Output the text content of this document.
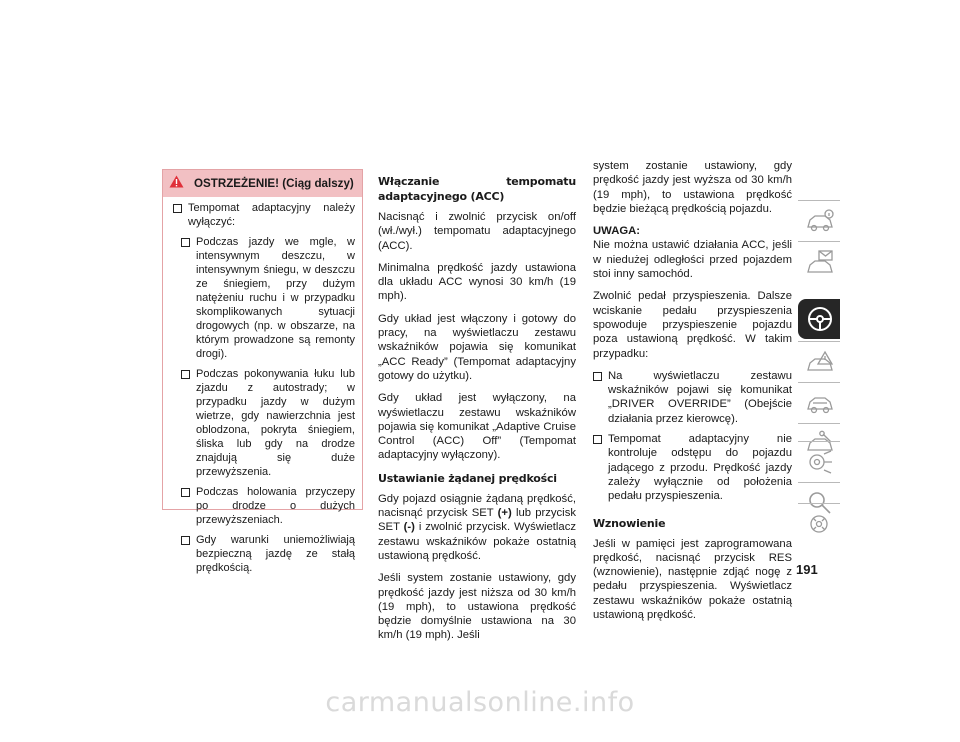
OSTRZEŻENIE! (Ciąg dalszy)
Tempomat adaptacyjny należy wyłączyć:
Podczas jazdy we mgle, w intensywnym deszczu, w intensywnym śniegu, w deszczu ze śniegiem, przy dużym natężeniu ruchu i w przypadku skomplikowanych sytuacji drogowych (np. w obszarze, na którym prowadzone są remonty drogi).
Podczas pokonywania łuku lub zjazdu z autostrady; w przypadku jazdy w dużym wietrze, gdy nawierzchnia jest oblodzona, pokryta śniegiem, śliska lub gdy na drodze znajdują się duże przewyższenia.
Podczas holowania przyczepy po drodze o dużych przewyższeniach.
Gdy warunki uniemożliwiają bezpieczną jazdę ze stałą prędkością.
Włączanie tempomatu adaptacyjnego (ACC)

Nacisnąć i zwolnić przycisk on/off (wł./wył.) tempomatu adaptacyjnego (ACC).

Minimalna prędkość jazdy ustawiona dla układu ACC wynosi 30 km/h (19 mph).

Gdy układ jest włączony i gotowy do pracy, na wyświetlaczu zestawu wskaźników pojawia się komunikat „ACC Ready” (Tempomat adaptacyjny gotowy do użytku).

Gdy układ jest wyłączony, na wyświetlaczu zestawu wskaźników pojawia się komunikat „Adaptive Cruise Control (ACC) Off” (Tempomat adaptacyjny wyłączony).

Ustawianie żądanej prędkości

Gdy pojazd osiągnie żądaną prędkość, nacisnąć przycisk SET (+) lub przycisk SET (-) i zwolnić przycisk. Wyświetlacz zestawu wskaźników pokaże ostatnią ustawioną prędkość.

Jeśli system zostanie ustawiony, gdy prędkość jazdy jest niższa od 30 km/h (19 mph), to ustawiona prędkość będzie domyślnie ustawiona na 30 km/h (19 mph). Jeśli

system zostanie ustawiony, gdy prędkość jazdy jest wyższa od 30 km/h (19 mph), to ustawiona prędkość będzie bieżącą prędkością pojazdu.

UWAGA:
Nie można ustawić działania ACC, jeśli w niedużej odległości przed pojazdem stoi inny samochód.

Zwolnić pedał przyspieszenia. Dalsze wciskanie pedału przyspieszenia spowoduje przyspieszenie pojazdu poza ustawioną prędkość. W takim przypadku:

Na wyświetlaczu zestawu wskaźników pojawi się komunikat „DRIVER OVERRIDE” (Obejście działania przez kierowcę).
Tempomat adaptacyjny nie kontroluje odstępu do pojazdu jadącego z przodu. Prędkość jazdy zależy wyłącznie od położenia pedału przyspieszenia.
Wznowienie

Jeśli w pamięci jest zaprogramowana prędkość, nacisnąć przycisk RES (wznowienie), następnie zdjąć nogę z pedału przyspieszenia. Wyświetlacz zestawu wskaźników pokaże ostatnią ustawioną prędkość.

191
carmanualsonline.info
